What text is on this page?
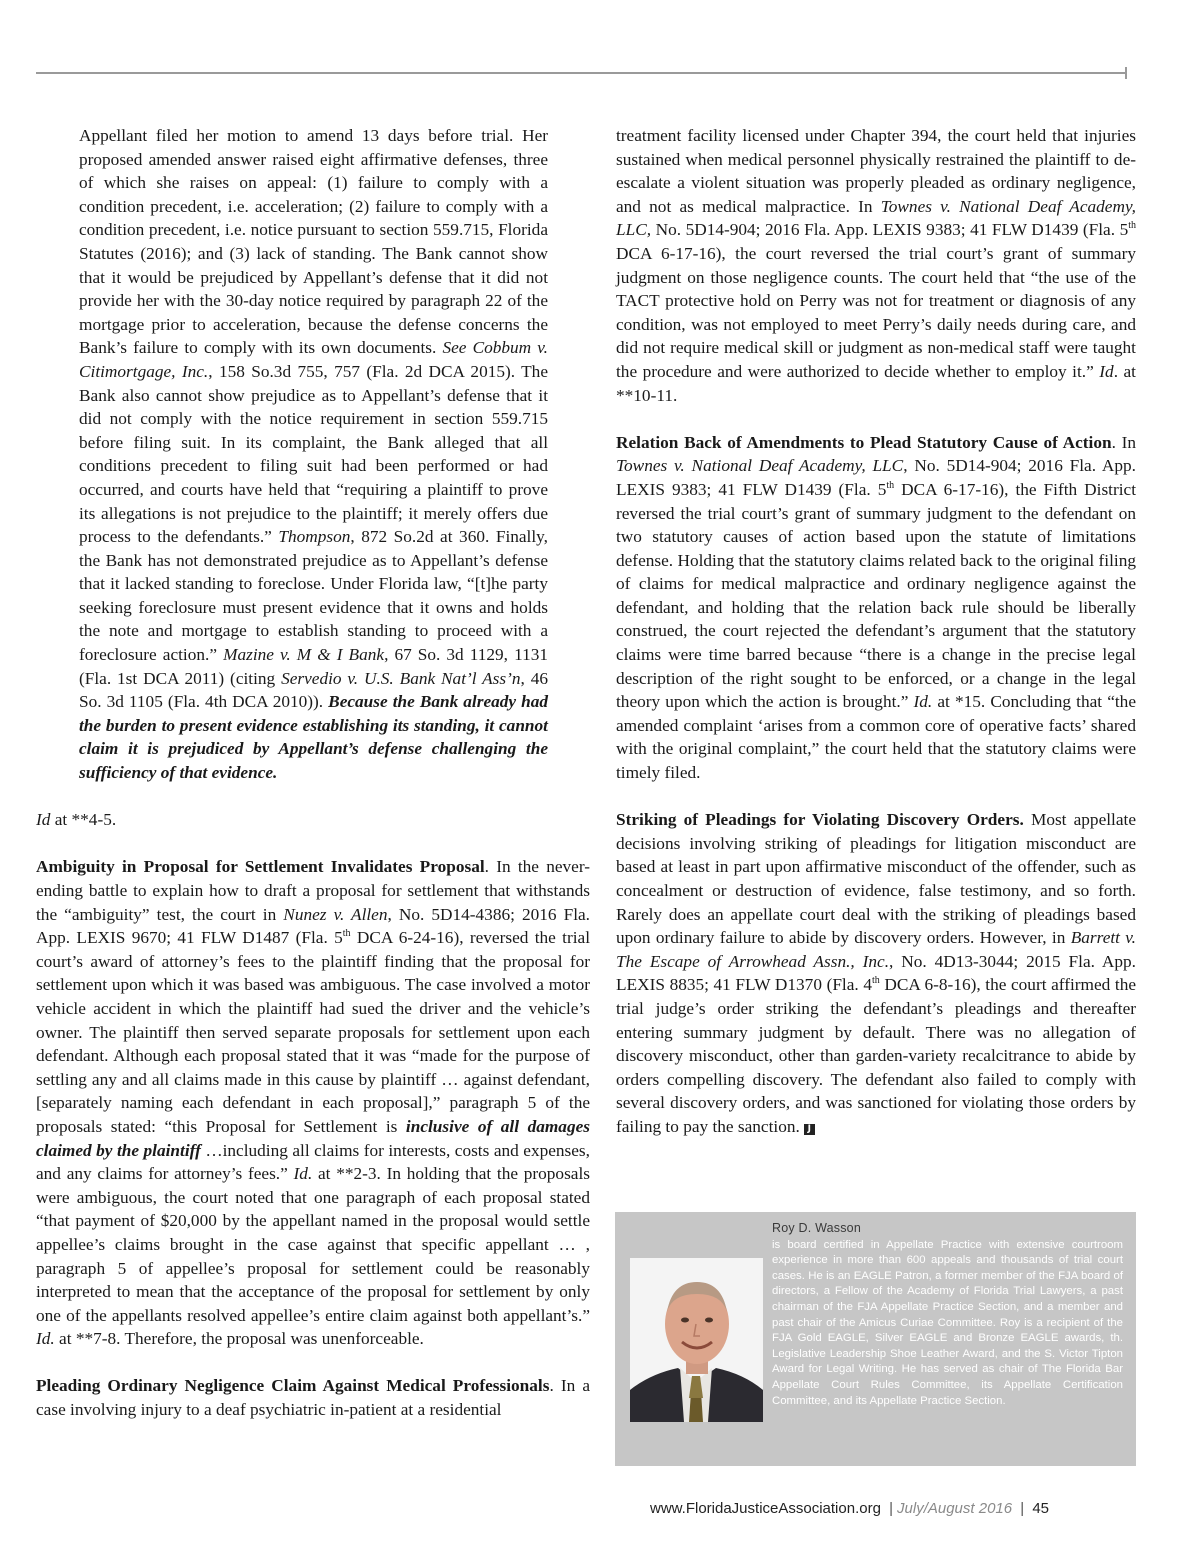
Appellant filed her motion to amend 13 days before trial. Her proposed amended answer raised eight affirmative defenses, three of which she raises on appeal: (1) failure to comply with a condition precedent, i.e. acceleration; (2) failure to comply with a condition precedent, i.e. notice pursuant to section 559.715, Florida Statutes (2016); and (3) lack of standing. The Bank cannot show that it would be prejudiced by Appellant’s defense that it did not provide her with the 30-day notice required by paragraph 22 of the mortgage prior to acceleration, because the defense concerns the Bank’s failure to comply with its own documents. See Cobbum v. Citimortgage, Inc., 158 So.3d 755, 757 (Fla. 2d DCA 2015). The Bank also cannot show prejudice as to Appellant’s defense that it did not comply with the notice requirement in section 559.715 before filing suit. In its complaint, the Bank alleged that all conditions precedent to filing suit had been performed or had occurred, and courts have held that “requiring a plaintiff to prove its allegations is not prejudice to the plaintiff; it merely offers due process to the defendants.” Thompson, 872 So.2d at 360. Finally, the Bank has not demonstrated prejudice as to Appellant’s defense that it lacked standing to foreclose. Under Florida law, “[t]he party seeking foreclosure must present evidence that it owns and holds the note and mortgage to establish standing to proceed with a foreclosure action.” Mazine v. M & I Bank, 67 So. 3d 1129, 1131 (Fla. 1st DCA 2011) (citing Servedio v. U.S. Bank Nat’l Ass’n, 46 So. 3d 1105 (Fla. 4th DCA 2010)). Because the Bank already had the burden to present evidence establishing its standing, it cannot claim it is prejudiced by Appellant’s defense challenging the sufficiency of that evidence.

Id at **4-5.

Ambiguity in Proposal for Settlement Invalidates Proposal. In the never-ending battle to explain how to draft a proposal for settlement that withstands the “ambiguity” test, the court in Nunez v. Allen, No. 5D14-4386; 2016 Fla. App. LEXIS 9670; 41 FLW D1487 (Fla. 5th DCA 6-24-16), reversed the trial court’s award of attorney’s fees to the plaintiff finding that the proposal for settlement upon which it was based was ambiguous. The case involved a motor vehicle accident in which the plaintiff had sued the driver and the vehicle’s owner. The plaintiff then served separate proposals for settlement upon each defendant. Although each proposal stated that it was “made for the purpose of settling any and all claims made in this cause by plaintiff … against defendant, [separately naming each defendant in each proposal],” paragraph 5 of the proposals stated: “this Proposal for Settlement is inclusive of all damages claimed by the plaintiff …including all claims for interests, costs and expenses, and any claims for attorney’s fees.” Id. at **2-3. In holding that the proposals were ambiguous, the court noted that one paragraph of each proposal stated “that payment of $20,000 by the appellant named in the proposal would settle appellee’s claims brought in the case against that specific appellant … , paragraph 5 of appellee’s proposal for settlement could be reasonably interpreted to mean that the acceptance of the proposal for settlement by only one of the appellants resolved appellee’s entire claim against both appellant’s.” Id. at **7-8. Therefore, the proposal was unenforceable.

Pleading Ordinary Negligence Claim Against Medical Professionals. In a case involving injury to a deaf psychiatric in-patient at a residential

treatment facility licensed under Chapter 394, the court held that injuries sustained when medical personnel physically restrained the plaintiff to de-escalate a violent situation was properly pleaded as ordinary negligence, and not as medical malpractice. In Townes v. National Deaf Academy, LLC, No. 5D14-904; 2016 Fla. App. LEXIS 9383; 41 FLW D1439 (Fla. 5th DCA 6-17-16), the court reversed the trial court’s grant of summary judgment on those negligence counts. The court held that “the use of the TACT protective hold on Perry was not for treatment or diagnosis of any condition, was not employed to meet Perry’s daily needs during care, and did not require medical skill or judgment as non-medical staff were taught the procedure and were authorized to decide whether to employ it.” Id. at **10-11.

Relation Back of Amendments to Plead Statutory Cause of Action. In Townes v. National Deaf Academy, LLC, No. 5D14-904; 2016 Fla. App. LEXIS 9383; 41 FLW D1439 (Fla. 5th DCA 6-17-16), the Fifth District reversed the trial court’s grant of summary judgment to the defendant on two statutory causes of action based upon the statute of limitations defense. Holding that the statutory claims related back to the original filing of claims for medical malpractice and ordinary negligence against the defendant, and holding that the relation back rule should be liberally construed, the court rejected the defendant’s argument that the statutory claims were time barred because “there is a change in the precise legal description of the right sought to be enforced, or a change in the legal theory upon which the action is brought.” Id. at *15. Concluding that “the amended complaint ‘arises from a common core of operative facts’ shared with the original complaint,” the court held that the statutory claims were timely filed.

Striking of Pleadings for Violating Discovery Orders. Most appellate decisions involving striking of pleadings for litigation misconduct are based at least in part upon affirmative misconduct of the offender, such as concealment or destruction of evidence, false testimony, and so forth. Rarely does an appellate court deal with the striking of pleadings based upon ordinary failure to abide by discovery orders. However, in Barrett v. The Escape of Arrowhead Assn., Inc., No. 4D13-3044; 2015 Fla. App. LEXIS 8835; 41 FLW D1370 (Fla. 4th DCA 6-8-16), the court affirmed the trial judge’s order striking the defendant’s pleadings and thereafter entering summary judgment by default. There was no allegation of discovery misconduct, other than garden-variety recalcitrance to abide by orders compelling discovery. The defendant also failed to comply with several discovery orders, and was sanctioned for violating those orders by failing to pay the sanction. J

Roy D. Wasson
is board certified in Appellate Practice with extensive courtroom experience in more than 600 appeals and thousands of trial court cases. He is an EAGLE Patron, a former member of the FJA board of directors, a Fellow of the Academy of Florida Trial Lawyers, a past chairman of the FJA Appellate Practice Section, and a member and past chair of the Amicus Curiae Committee. Roy is a recipient of the FJA Gold EAGLE, Silver EAGLE and Bronze EAGLE awards, th. Legislative Leadership Shoe Leather Award, and the S. Victor Tipton Award for Legal Writing. He has served as chair of The Florida Bar Appellate Court Rules Committee, its Appellate Certification Committee, and its Appellate Practice Section.
www.FloridaJusticeAssociation.org | July/August 2016 | 45
